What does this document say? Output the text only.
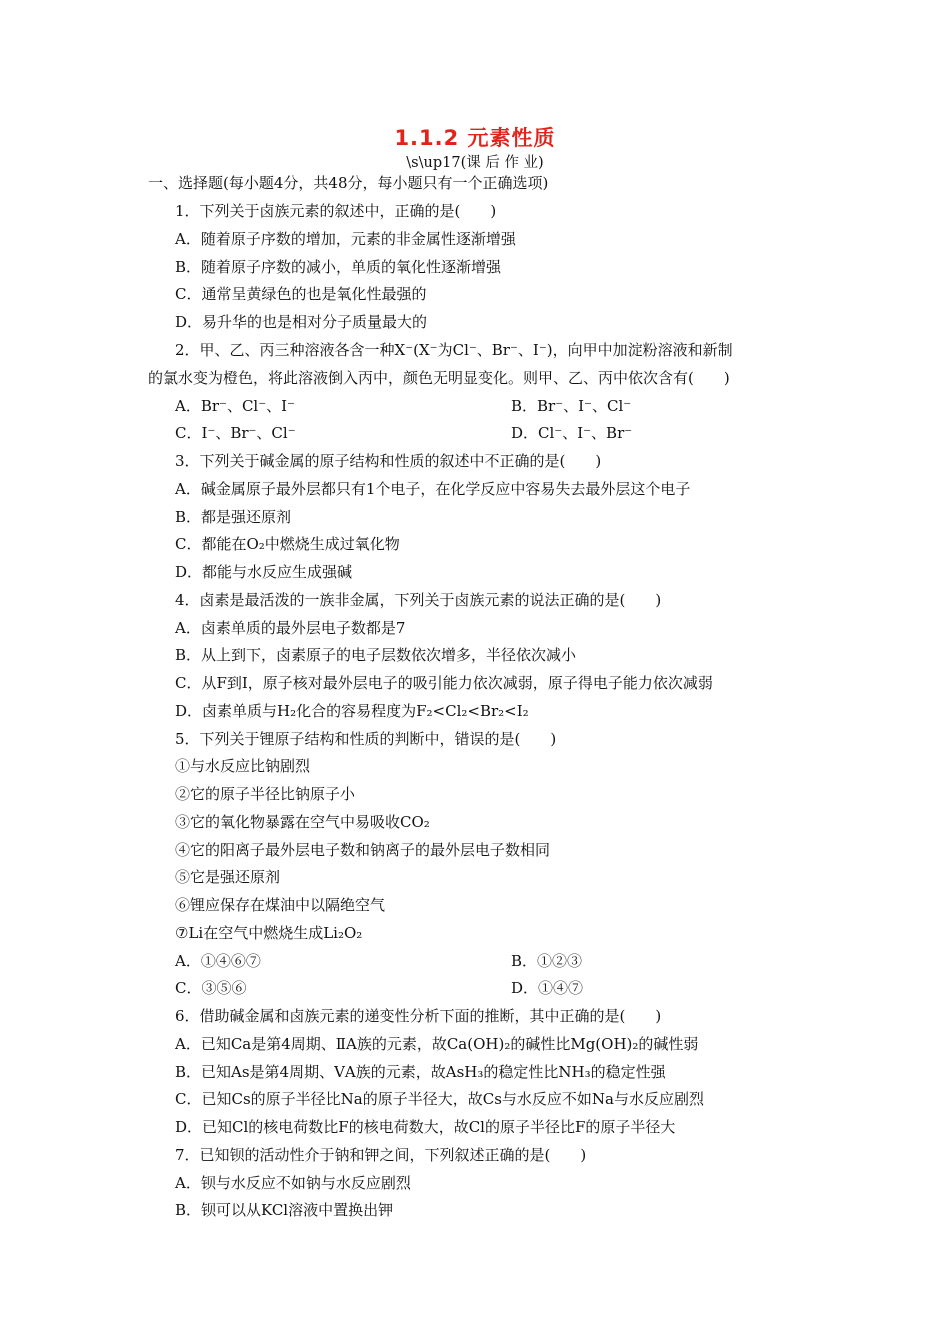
1.1.2 元素性质
\s\up17(课 后 作 业)
一、选择题(每小题4分，共48分，每小题只有一个正确选项)
1．下列关于卤族元素的叙述中，正确的是(　　)
A．随着原子序数的增加，元素的非金属性逐渐增强
B．随着原子序数的减小，单质的氧化性逐渐增强
C．通常呈黄绿色的也是氧化性最强的
D．易升华的也是相对分子质量最大的
2．甲、乙、丙三种溶液各含一种X⁻(X⁻为Cl⁻、Br⁻、I⁻)，向甲中加淀粉溶液和新制
的氯水变为橙色，将此溶液倒入丙中，颜色无明显变化。则甲、乙、丙中依次含有(　　)
A．Br⁻、Cl⁻、I⁻	B．Br⁻、I⁻、Cl⁻
C．I⁻、Br⁻、Cl⁻	D．Cl⁻、I⁻、Br⁻
3．下列关于碱金属的原子结构和性质的叙述中不正确的是(　　)
A．碱金属原子最外层都只有1个电子，在化学反应中容易失去最外层这个电子
B．都是强还原剂
C．都能在O₂中燃烧生成过氧化物
D．都能与水反应生成强碱
4．卤素是最活泼的一族非金属，下列关于卤族元素的说法正确的是(　　)
A．卤素单质的最外层电子数都是7
B．从上到下，卤素原子的电子层数依次增多，半径依次减小
C．从F到I，原子核对最外层电子的吸引能力依次减弱，原子得电子能力依次减弱
D．卤素单质与H₂化合的容易程度为F₂<Cl₂<Br₂<I₂
5．下列关于锂原子结构和性质的判断中，错误的是(　　)
①与水反应比钠剧烈
②它的原子半径比钠原子小
③它的氧化物暴露在空气中易吸收CO₂
④它的阳离子最外层电子数和钠离子的最外层电子数相同
⑤它是强还原剂
⑥锂应保存在煤油中以隔绝空气
⑦Li在空气中燃烧生成Li₂O₂
A．①④⑥⑦	B．①②③
C．③⑤⑥	D．①④⑦
6．借助碱金属和卤族元素的递变性分析下面的推断，其中正确的是(　　)
A．已知Ca是第4周期、ⅡA族的元素，故Ca(OH)₂的碱性比Mg(OH)₂的碱性弱
B．已知As是第4周期、ⅤA族的元素，故AsH₃的稳定性比NH₃的稳定性强
C．已知Cs的原子半径比Na的原子半径大，故Cs与水反应不如Na与水反应剧烈
D．已知Cl的核电荷数比F的核电荷数大，故Cl的原子半径比F的原子半径大
7．已知钡的活动性介于钠和钾之间，下列叙述正确的是(　　)
A．钡与水反应不如钠与水反应剧烈
B．钡可以从KCl溶液中置换出钾
